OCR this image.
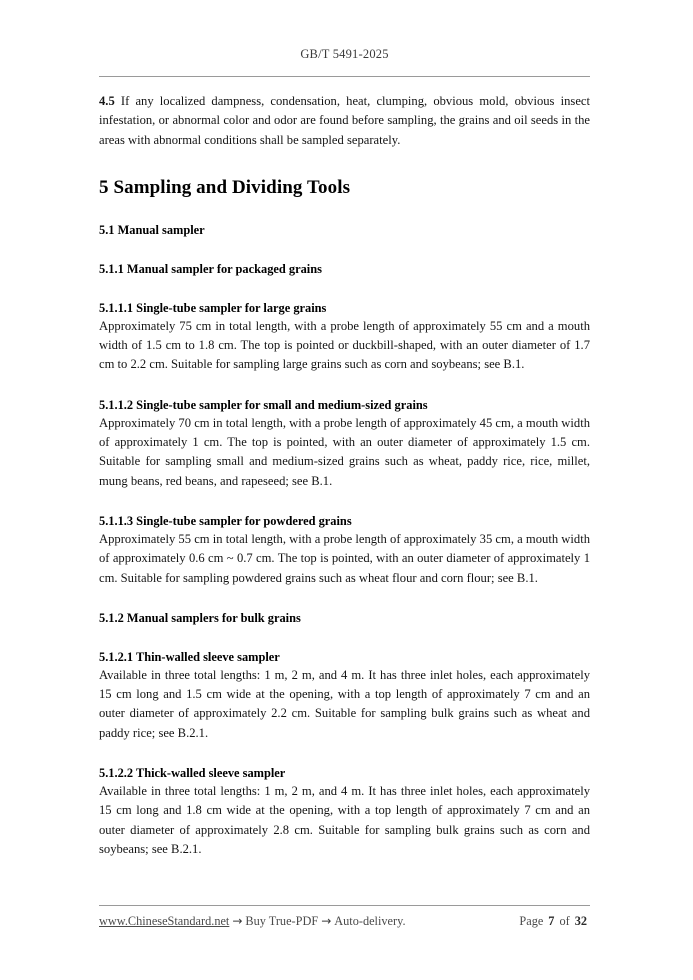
GB/T 5491-2025

4.5 If any localized dampness, condensation, heat, clumping, obvious mold, obvious insect infestation, or abnormal color and odor are found before sampling, the grains and oil seeds in the areas with abnormal conditions shall be sampled separately.

5 Sampling and Dividing Tools
5.1 Manual sampler
5.1.1 Manual sampler for packaged grains
5.1.1.1 Single-tube sampler for large grains

Approximately 75 cm in total length, with a probe length of approximately 55 cm and a mouth width of 1.5 cm to 1.8 cm. The top is pointed or duckbill-shaped, with an outer diameter of 1.7 cm to 2.2 cm. Suitable for sampling large grains such as corn and soybeans; see B.1.

5.1.1.2 Single-tube sampler for small and medium-sized grains

Approximately 70 cm in total length, with a probe length of approximately 45 cm, a mouth width of approximately 1 cm. The top is pointed, with an outer diameter of approximately 1.5 cm. Suitable for sampling small and medium-sized grains such as wheat, paddy rice, rice, millet, mung beans, red beans, and rapeseed; see B.1.

5.1.1.3 Single-tube sampler for powdered grains

Approximately 55 cm in total length, with a probe length of approximately 35 cm, a mouth width of approximately 0.6 cm ~ 0.7 cm. The top is pointed, with an outer diameter of approximately 1 cm. Suitable for sampling powdered grains such as wheat flour and corn flour; see B.1.

5.1.2 Manual samplers for bulk grains
5.1.2.1 Thin-walled sleeve sampler

Available in three total lengths: 1 m, 2 m, and 4 m. It has three inlet holes, each approximately 15 cm long and 1.5 cm wide at the opening, with a top length of approximately 7 cm and an outer diameter of approximately 2.2 cm. Suitable for sampling bulk grains such as wheat and paddy rice; see B.2.1.

5.1.2.2 Thick-walled sleeve sampler

Available in three total lengths: 1 m, 2 m, and 4 m. It has three inlet holes, each approximately 15 cm long and 1.8 cm wide at the opening, with a top length of approximately 7 cm and an outer diameter of approximately 2.8 cm. Suitable for sampling bulk grains such as corn and soybeans; see B.2.1.

www.ChineseStandard.net → Buy True-PDF → Auto-delivery.	Page 7 of 32
